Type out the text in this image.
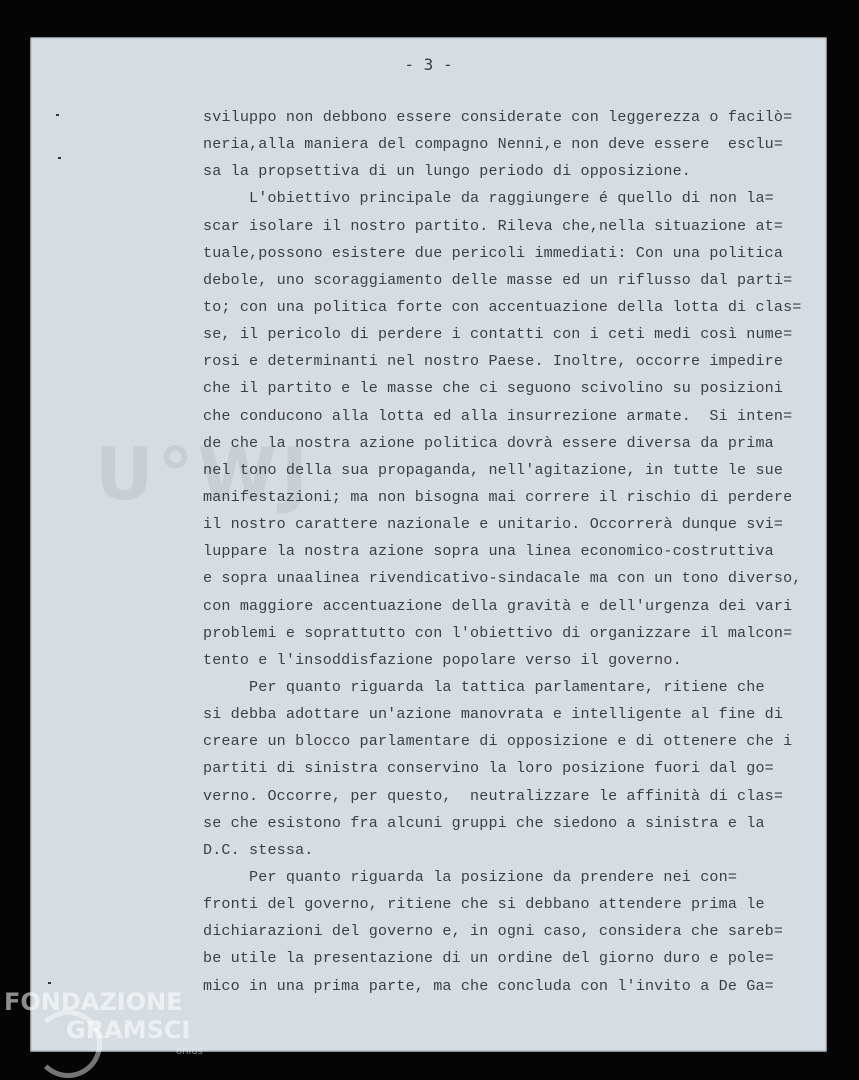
- 3 -
U°WJ
sviluppo non debbono essere considerate con leggerezza o facilò=
neria,alla maniera del compagno Nenni,e non deve essere  esclu=
sa la propsettiva di un lungo periodo di opposizione.
L'obiettivo principale da raggiungere é quello di non la=
scar isolare il nostro partito. Rileva che,nella situazione at=
tuale,possono esistere due pericoli immediati: Con una politica
debole, uno scoraggiamento delle masse ed un riflusso dal parti=
to; con una politica forte con accentuazione della lotta di clas=
se, il pericolo di perdere i contatti con i ceti medi così nume=
rosi e determinanti nel nostro Paese. Inoltre, occorre impedire
che il partito e le masse che ci seguono scivolino su posizioni
che conducono alla lotta ed alla insurrezione armate.  Si inten=
de che la nostra azione politica dovrà essere diversa da prima
nel tono della sua propaganda, nell'agitazione, in tutte le sue
manifestazioni; ma non bisogna mai correre il rischio di perdere
il nostro carattere nazionale e unitario. Occorrerà dunque svi=
luppare la nostra azione sopra una linea economico-costruttiva
e sopra unaalinea rivendicativo-sindacale ma con un tono diverso,
con maggiore accentuazione della gravità e dell'urgenza dei vari
problemi e soprattutto con l'obiettivo di organizzare il malcon=
tento e l'insoddisfazione popolare verso il governo.
Per quanto riguarda la tattica parlamentare, ritiene che
si debba adottare un'azione manovrata e intelligente al fine di
creare un blocco parlamentare di opposizione e di ottenere che i
partiti di sinistra conservino la loro posizione fuori dal go=
verno. Occorre, per questo,  neutralizzare le affinità di clas=
se che esistono fra alcuni gruppi che siedono a sinistra e la
D.C. stessa.
Per quanto riguarda la posizione da prendere nei con=
fronti del governo, ritiene che si debbano attendere prima le
dichiarazioni del governo e, in ogni caso, considera che sareb=
be utile la presentazione di un ordine del giorno duro e pole=
mico in una prima parte, ma che concluda con l'invito a De Ga=
FONDAZIONE
GRAMSCI
onlus
